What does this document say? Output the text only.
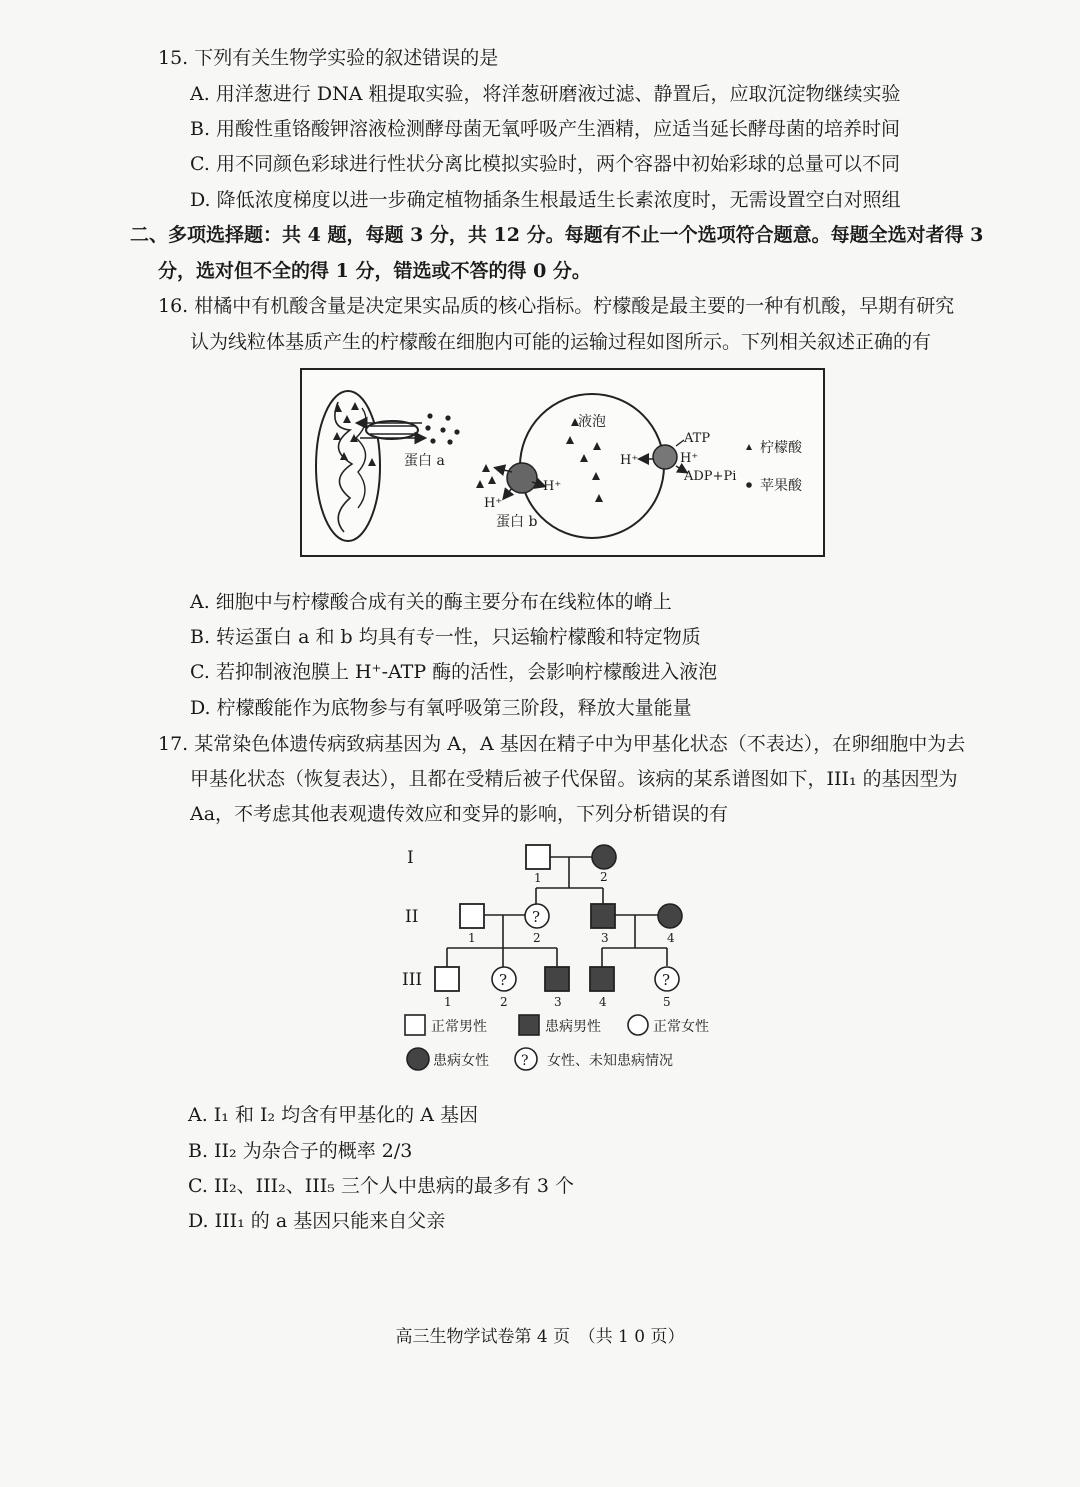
15. 下列有关生物学实验的叙述错误的是
A. 用洋葱进行 DNA 粗提取实验，将洋葱研磨液过滤、静置后，应取沉淀物继续实验
B. 用酸性重铬酸钾溶液检测酵母菌无氧呼吸产生酒精，应适当延长酵母菌的培养时间
C. 用不同颜色彩球进行性状分离比模拟实验时，两个容器中初始彩球的总量可以不同
D. 降低浓度梯度以进一步确定植物插条生根最适生长素浓度时，无需设置空白对照组
二、多项选择题：共 4 题，每题 3 分，共 12 分。每题有不止一个选项符合题意。每题全选对者得 3
分，选对但不全的得 1 分，错选或不答的得 0 分。
16. 柑橘中有机酸含量是决定果实品质的核心指标。柠檬酸是最主要的一种有机酸，早期有研究
认为线粒体基质产生的柠檬酸在细胞内可能的运输过程如图所示。下列相关叙述正确的有
蛋白 a
液泡
H⁺
H⁺
蛋白 b
H⁺
ATP
H⁺
ADP+Pi
柠檬酸
苹果酸
A. 细胞中与柠檬酸合成有关的酶主要分布在线粒体的嵴上
B. 转运蛋白 a 和 b 均具有专一性，只运输柠檬酸和特定物质
C. 若抑制液泡膜上 H⁺-ATP 酶的活性，会影响柠檬酸进入液泡
D. 柠檬酸能作为底物参与有氧呼吸第三阶段，释放大量能量
17. 某常染色体遗传病致病基因为 A，A 基因在精子中为甲基化状态（不表达），在卵细胞中为去
甲基化状态（恢复表达），且都在受精后被子代保留。该病的某系谱图如下，III₁ 的基因型为
Aa，不考虑其他表观遗传效应和变异的影响，下列分析错误的有
?
?	?
I
II
III
1	2
1	2	3	4
1	2	3	4	5
正常男性	患病男性	正常女性
患病女性 ? 女性、未知患病情况
A. I₁ 和 I₂ 均含有甲基化的 A 基因
B. II₂ 为杂合子的概率 2/3
C. II₂、III₂、III₅ 三个人中患病的最多有 3 个
D. III₁ 的 a 基因只能来自父亲
高三生物学试卷第 4 页　（共 1 0 页）
